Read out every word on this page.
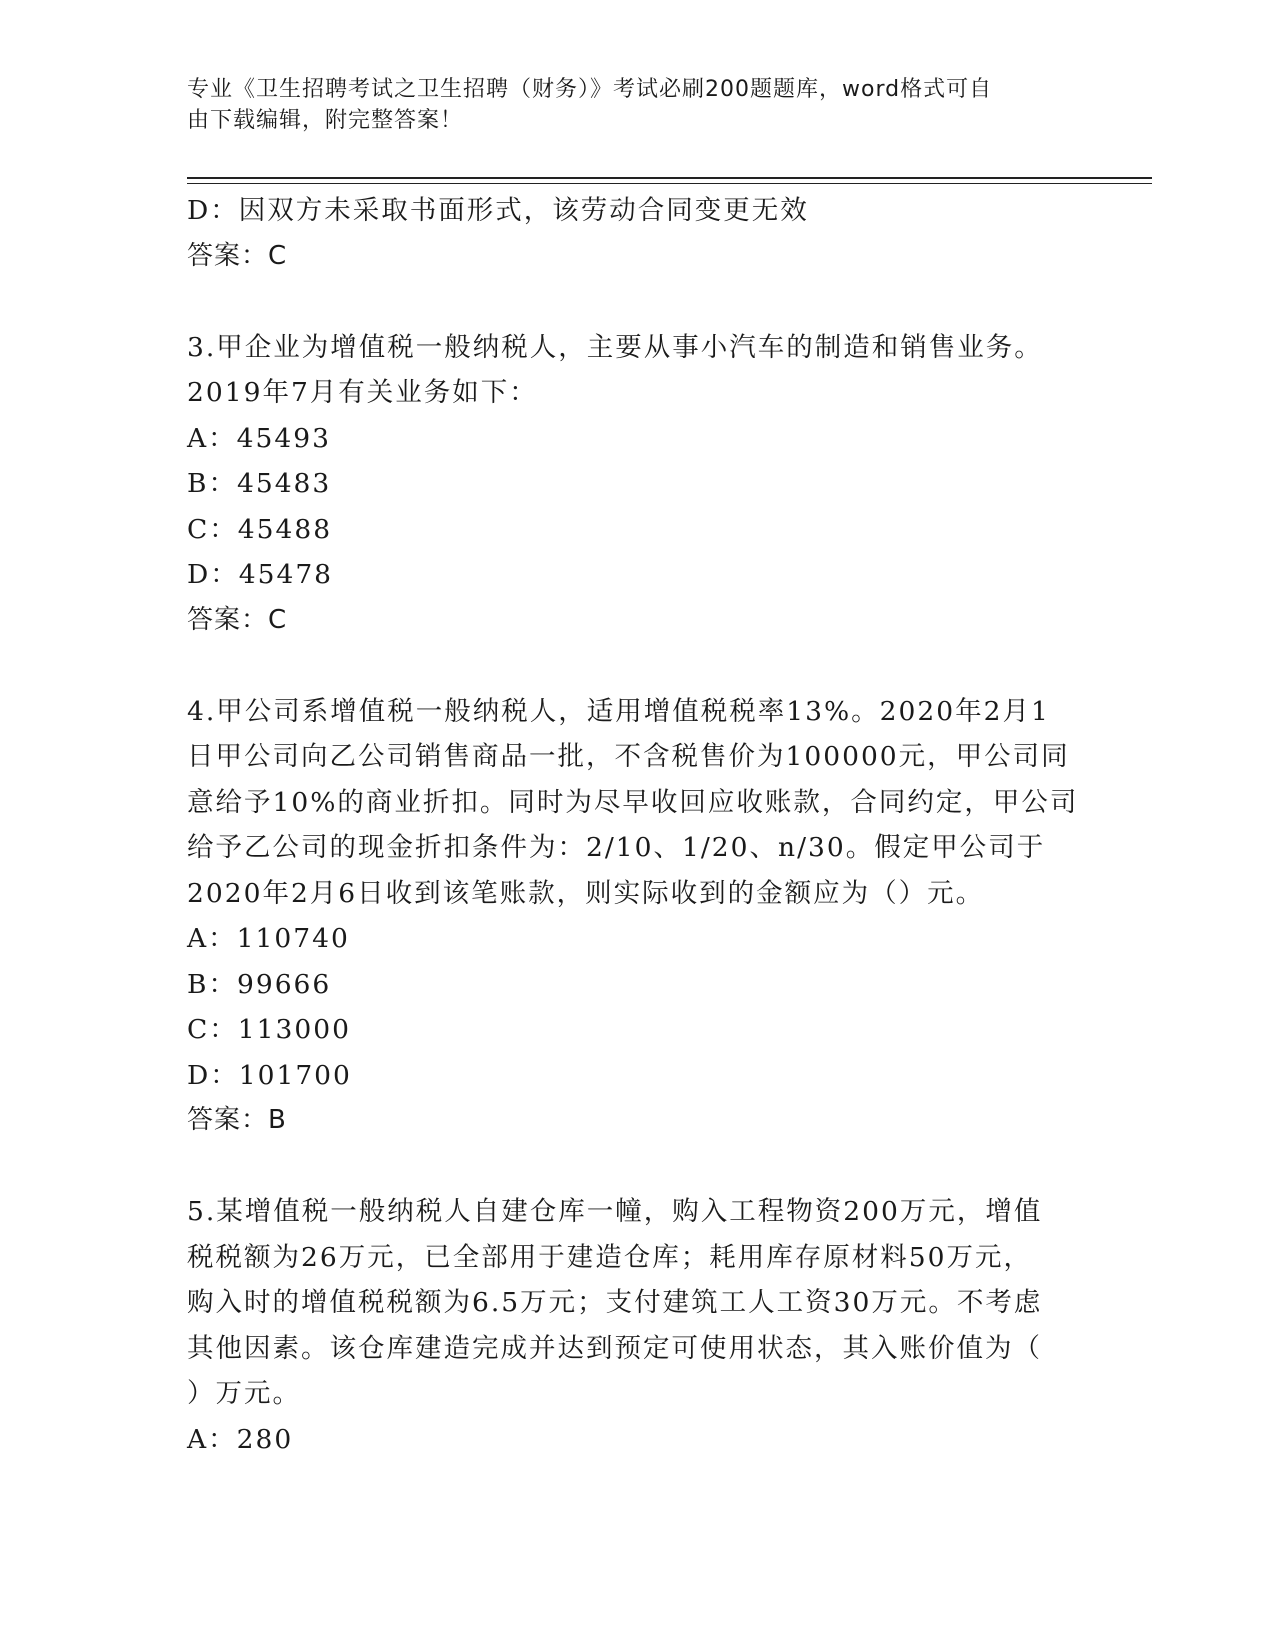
专业《卫生招聘考试之卫生招聘（财务）》考试必刷200题题库，word格式可自
由下载编辑，附完整答案！
D：因双方未采取书面形式，该劳动合同变更无效
答案：C
3.甲企业为增值税一般纳税人，主要从事小汽车的制造和销售业务。
2019年7月有关业务如下：
A：45493
B：45483
C：45488
D：45478
答案：C
4.甲公司系增值税一般纳税人，适用增值税税率13%。2020年2月1
日甲公司向乙公司销售商品一批，不含税售价为100000元，甲公司同
意给予10%的商业折扣。同时为尽早收回应收账款，合同约定，甲公司
给予乙公司的现金折扣条件为：2/10、1/20、n/30。假定甲公司于
2020年2月6日收到该笔账款，则实际收到的金额应为（）元。
A：110740
B：99666
C：113000
D：101700
答案：B
5.某增值税一般纳税人自建仓库一幢，购入工程物资200万元，增值
税税额为26万元，已全部用于建造仓库；耗用库存原材料50万元，
购入时的增值税税额为6.5万元；支付建筑工人工资30万元。不考虑
其他因素。该仓库建造完成并达到预定可使用状态，其入账价值为（
）万元。
A：280
